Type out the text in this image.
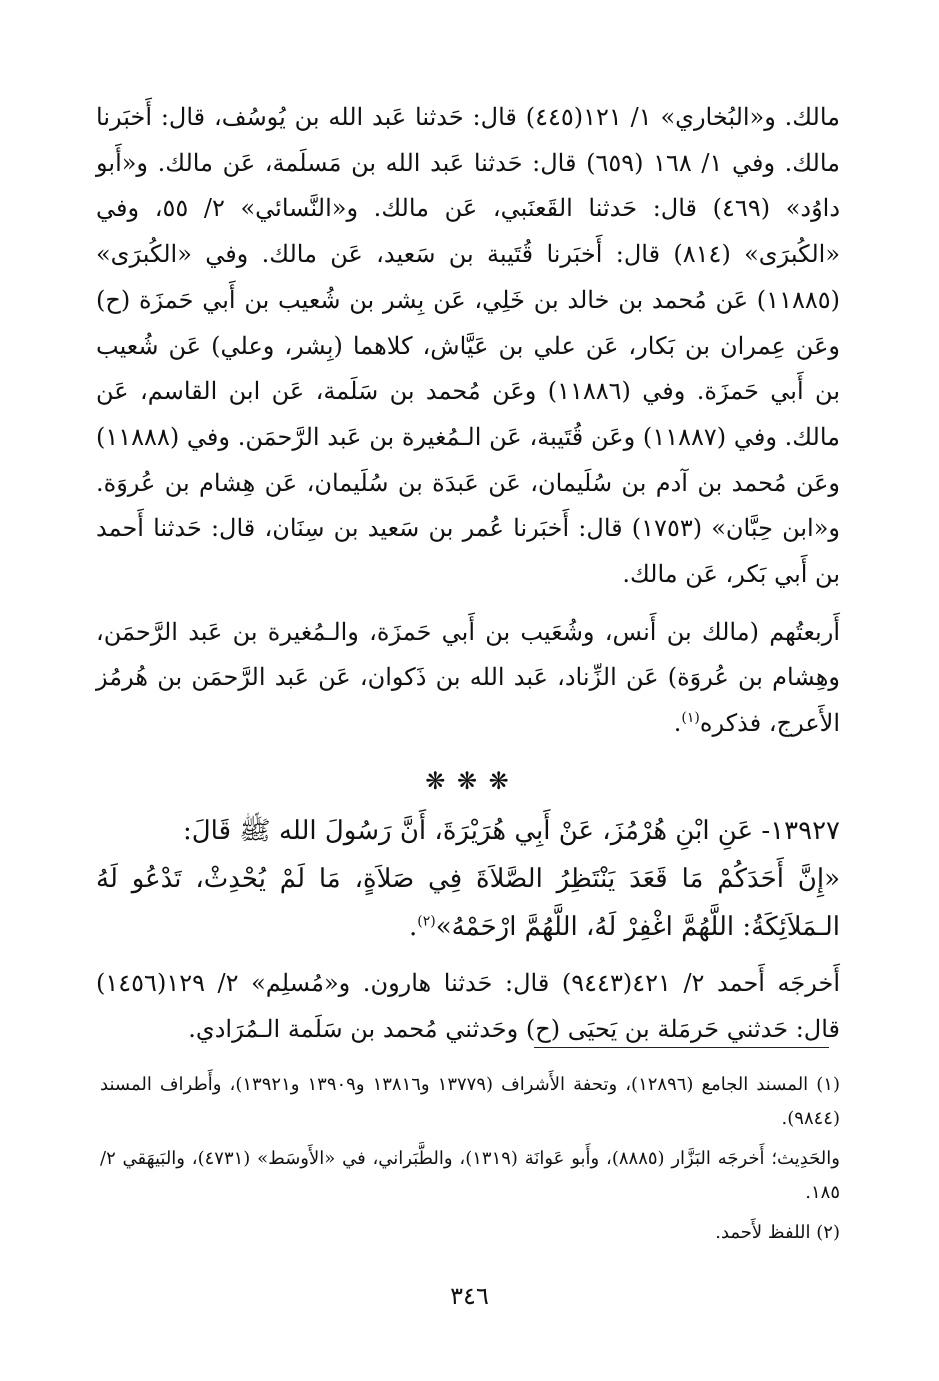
مالك. و«البُخاري» ١/ ١٢١(٤٤٥) قال: حَدثنا عَبد الله بن يُوسُف، قال: أَخبَرنا مالك. وفي ١/ ١٦٨ (٦٥٩) قال: حَدثنا عَبد الله بن مَسلَمة، عَن مالك. و«أَبو داوُد» (٤٦٩) قال: حَدثنا القَعنَبي، عَن مالك. و«النَّسائي» ٢/ ٥٥، وفي «الكُبرَى» (٨١٤) قال: أَخبَرنا قُتَيبة بن سَعيد، عَن مالك. وفي «الكُبرَى» (١١٨٨٥) عَن مُحمد بن خالد بن خَلِي، عَن بِشر بن شُعيب بن أَبي حَمزَة (ح) وعَن عِمران بن بَكار، عَن علي بن عَيَّاش، كلاهما (بِشر، وعلي) عَن شُعيب بن أَبي حَمزَة. وفي (١١٨٨٦) وعَن مُحمد بن سَلَمة، عَن ابن القاسم، عَن مالك. وفي (١١٨٨٧) وعَن قُتَيبة، عَن الـمُغيرة بن عَبد الرَّحمَن. وفي (١١٨٨٨) وعَن مُحمد بن آدم بن سُلَيمان، عَن عَبدَة بن سُلَيمان، عَن هِشام بن عُروَة. و«ابن حِبَّان» (١٧٥٣) قال: أَخبَرنا عُمر بن سَعيد بن سِنَان، قال: حَدثنا أَحمد بن أَبي بَكر، عَن مالك.

أَربعتُهم (مالك بن أَنس، وشُعَيب بن أَبي حَمزَة، والـمُغيرة بن عَبد الرَّحمَن، وهِشام بن عُروَة) عَن الزِّناد، عَبد الله بن ذَكوان، عَن عَبد الرَّحمَن بن هُرمُز الأَعرج، فذكره$^{(١)}$.

❋ ❋ ❋

١٣٩٢٧- عَنِ ابْنِ هُرْمُزَ، عَنْ أَبِي هُرَيْرَةَ، أَنَّ رَسُولَ الله ﷺ قَالَ:

«إِنَّ أَحَدَكُمْ مَا قَعَدَ يَنْتَظِرُ الصَّلاَةَ فِي صَلاَةٍ، مَا لَمْ يُحْدِثْ، تَدْعُو لَهُ الـمَلاَئِكَةُ: اللَّهُمَّ اغْفِرْ لَهُ، اللَّهُمَّ ارْحَمْهُ»$^{(٢)}$.

أَخرجَه أَحمد ٢/ ٤٢١(٩٤٤٣) قال: حَدثنا هارون. و«مُسلِم» ٢/ ١٢٩(١٤٥٦) قال: حَدثني حَرمَلة بن يَحيَى (ح) وحَدثني مُحمد بن سَلَمة الـمُرَادي.

(١) المسند الجامع (١٢٨٩٦)، وتحفة الأَشراف (١٣٧٧٩ و١٣٨١٦ و١٣٩٠٩ و١٣٩٢١)، وأَطراف المسند (٩٨٤٤).

والحَدِيث؛ أَخرجَه البَزَّار (٨٨٨٥)، وأَبو عَوانَة (١٣١٩)، والطَّبَراني، في «الأَوسَط» (٤٧٣١)، والبَيهَقي ٢/ ١٨٥.

(٢) اللفظ لأَحمد.

٣٤٦
